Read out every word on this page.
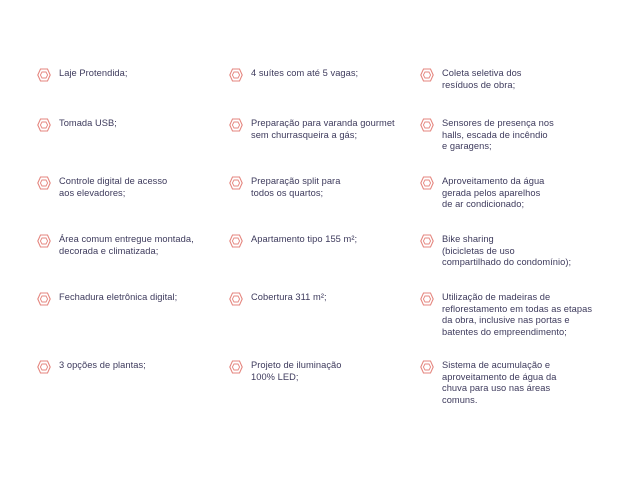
Laje Protendida;
Tomada USB;
Controle digital de acesso
aos elevadores;
Área comum entregue montada,
decorada e climatizada;
Fechadura eletrônica digital;
3 opções de plantas;
4 suítes com até 5 vagas;
Preparação para varanda gourmet
sem churrasqueira a gás;
Preparação split para
todos os quartos;
Apartamento tipo 155 m²;
Cobertura 311 m²;
Projeto de iluminação
100% LED;
Coleta seletiva dos
resíduos de obra;
Sensores de presença nos
halls, escada de incêndio
e garagens;
Aproveitamento da água
gerada pelos aparelhos
de ar condicionado;
Bike sharing
(bicicletas de uso
compartilhado do condomínio);
Utilização de madeiras de
reflorestamento em todas as etapas
da obra, inclusive nas portas e
batentes do empreendimento;
Sistema de acumulação e
aproveitamento de água da
chuva para uso nas áreas
comuns.
